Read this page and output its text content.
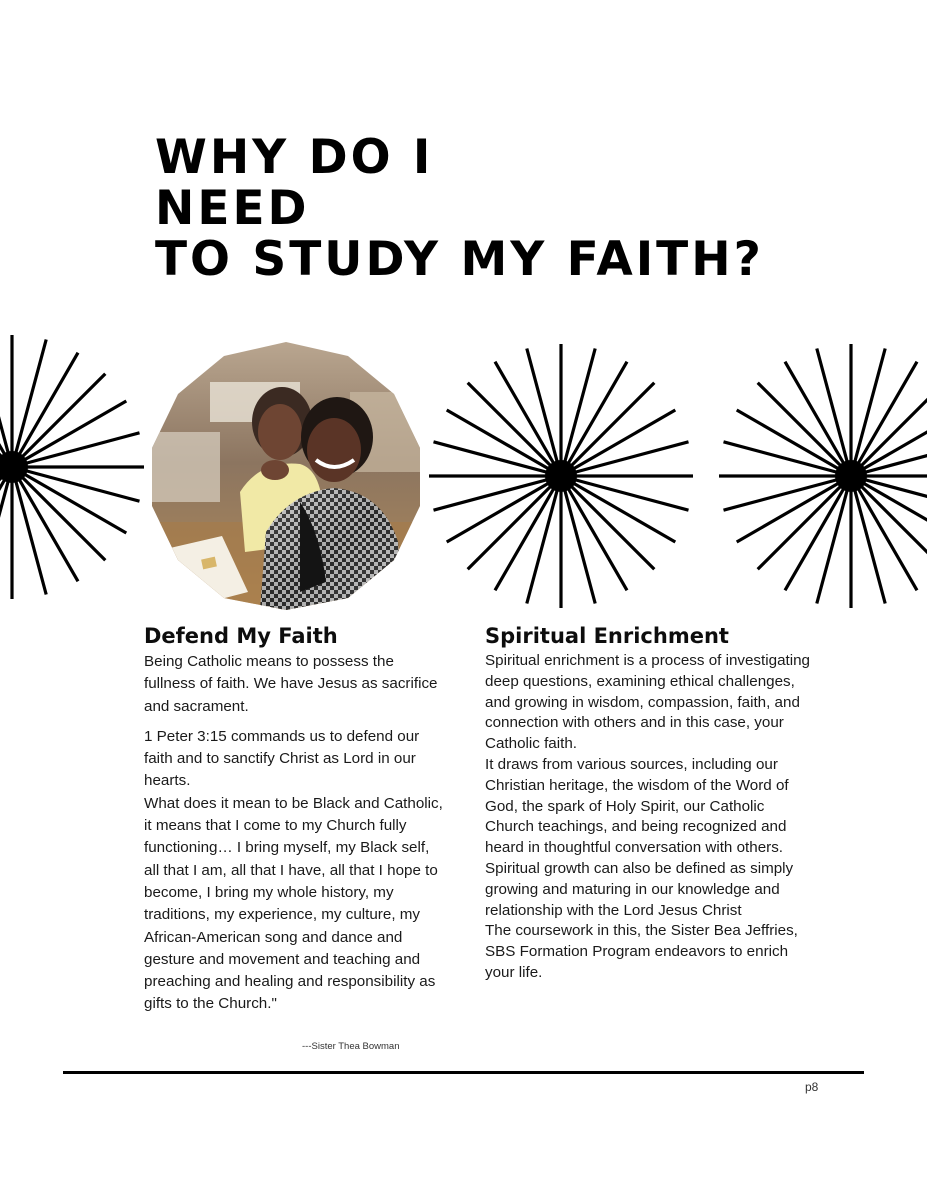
WHY DO I
NEED
TO STUDY MY FAITH?
Defend My Faith

Being Catholic means to possess the fullness of faith. We have Jesus as sacrifice and sacrament.

1 Peter 3:15 commands us to defend our faith and to sanctify Christ as Lord in our hearts.

What does it mean to be Black and Catholic, it means that I come to my Church fully functioning… I bring myself, my Black self, all that I am, all that I have, all that I hope to become, I bring my whole history, my traditions, my experience, my culture, my African-American song and dance and gesture and movement and teaching and preaching and healing and responsibility as gifts to the Church."

---Sister Thea Bowman
Spiritual Enrichment

Spiritual enrichment is a process of investigating deep questions, examining ethical challenges, and growing in wisdom, compassion, faith, and connection with others and in this case, your Catholic faith.

It draws from various sources, including our Christian heritage, the wisdom of the Word of God, the spark of Holy Spirit, our Catholic Church teachings, and being recognized and heard in thoughtful conversation with others.

Spiritual growth can also be defined as simply growing and maturing in our knowledge and relationship with the Lord Jesus Christ

The coursework in this, the Sister Bea Jeffries, SBS Formation Program endeavors to enrich your life.

p8
